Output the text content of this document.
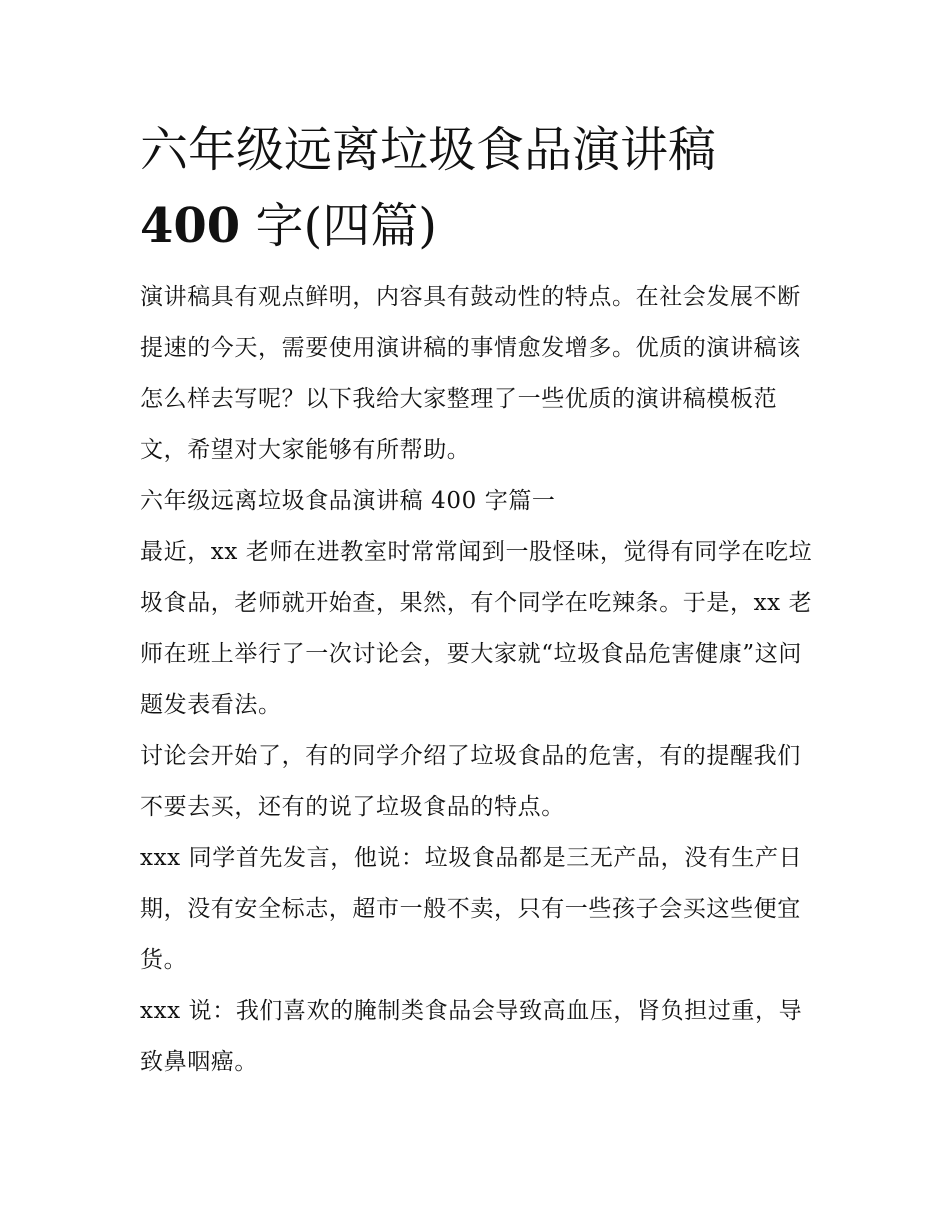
六年级远离垃圾食品演讲稿
400 字(四篇)

演讲稿具有观点鲜明，内容具有鼓动性的特点。在社会发展不断提速的今天，需要使用演讲稿的事情愈发增多。优质的演讲稿该怎么样去写呢？以下我给大家整理了一些优质的演讲稿模板范文，希望对大家能够有所帮助。

六年级远离垃圾食品演讲稿 400 字篇一

最近，xx 老师在进教室时常常闻到一股怪味，觉得有同学在吃垃圾食品，老师就开始查，果然，有个同学在吃辣条。于是，xx 老师在班上举行了一次讨论会，要大家就“垃圾食品危害健康”这问题发表看法。

讨论会开始了，有的同学介绍了垃圾食品的危害，有的提醒我们不要去买，还有的说了垃圾食品的特点。

xxx 同学首先发言，他说：垃圾食品都是三无产品，没有生产日期，没有安全标志，超市一般不卖，只有一些孩子会买这些便宜货。

xxx 说：我们喜欢的腌制类食品会导致高血压，肾负担过重，导致鼻咽癌。
